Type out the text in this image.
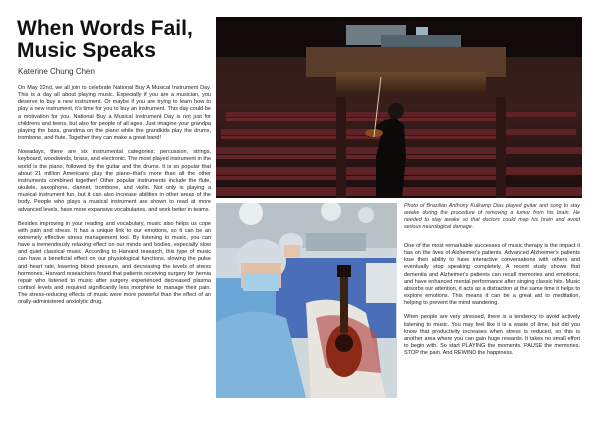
When Words Fail,
Music Speaks
Katerine Chung Chen

On May 22nd, we all join to celebrate National Buy A Musical Instrument Day. This is a day all about playing music. Especially if you are a musician, you deserve to buy a new instrument. Or maybe if you are trying to learn how to play a new instrument, it's time for you to buy an instrument. This day could be a motivation for you. National Buy a Musical Instrument Day is not just for childrens and teens, but also for people of all ages. Just imagine your grandpa playing the bass, grandma on the piano while the grandkids play the drums, trombone, and flute. Together they can make a great band!

Nowadays, there are six instrumental categories: percussion, strings, keyboard, woodwinds, brass, and electronic. The most played instrument in the world is the piano, followed by the guitar and the drums. It is so popular that about 21 million Americans play the piano–that's more than all the other instruments combined together! Other popular instruments include the flute, ukulele, saxophone, clarinet, trombone, and violin. Not only is playing a musical instrument fun, but it can also increase abilities in other areas of the body. People who plays a musical instrument are shown to read at more advanced levels, have more expansive vocabularies, and work better in teams.

Besides improving in your reading and vocabulary, music also helps us cope with pain and stress. It has a unique link to our emotions, so it can be an extremely effective stress management tool. By listening to music, you can have a tremendously relaxing effect on our minds and bodies, especially slow and quiet classical music. According to Harvard research, this type of music can have a beneficial effect on our physiological functions, slowing the pulse and heart rate, lowering blood pressure, and decreasing the levels of stress hormones. Harvard researchers found that patients receiving surgery for hernia repair who listened to music after surgery experienced decreased plasma cortisol levels and required significantly less morphine to manage their pain. The stress-reducing effects of music were more powerful than the effect of an orally-administered anxiolytic drug.

Photo of Brazilian Anthony Kulkamp Dias played guitar and song to stay awake during the procedure of removing a tumor from his brain. He needed to stay awake so that doctors could map his brain and avoid serious neurological damage.

One of the most remarkable successes of music therapy is the impact it has on the lives of Alzheimer's patients. Advanced Alzheimer's patients lose their ability to have interactive conversations with others and eventually stop speaking completely. A recent study shows that dementia and Alzheimer's patients can recall memories and emotions, and have enhanced mental performance after singing classic hits. Music absorbs our attention, it acts as a distraction at the same time it helps to explore emotions. This means it can be a great aid to meditation, helping to prevent the mind wandering.

When people are very stressed, there is a tendency to avoid actively listening to music. You may feel like it is a waste of time, but did you know that productivity increases when stress is reduced, so this is another area where you can gain huge rewards. It takes no small effort to begin with. So start PLAYING the moments. PAUSE the memories. STOP the pain. And REWIND the happiness.
